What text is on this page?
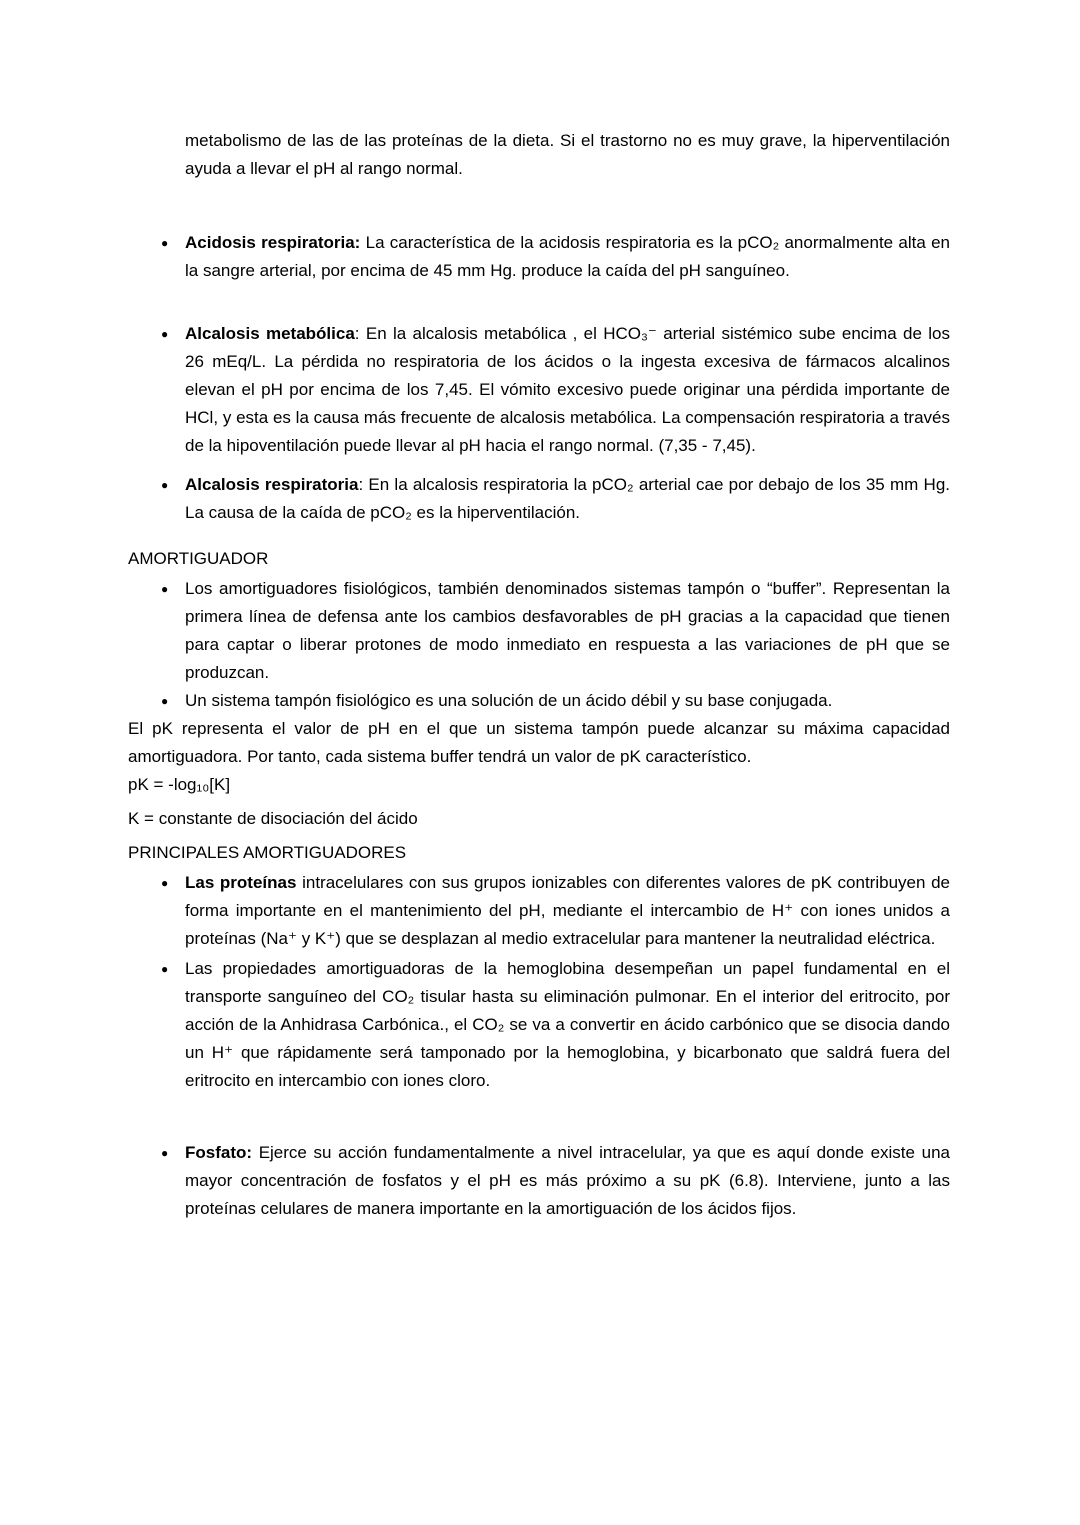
metabolismo de las de las proteínas de la dieta. Si el trastorno no es muy grave, la hiperventilación ayuda a llevar el pH al rango normal.

●

Acidosis respiratoria: La característica de la acidosis respiratoria es la pCO₂ anormalmente alta en la sangre arterial, por encima de 45 mm Hg. produce la caída del pH sanguíneo.

●

Alcalosis metabólica: En la alcalosis metabólica , el HCO₃⁻ arterial sistémico sube encima de los 26 mEq/L. La pérdida no respiratoria de los ácidos o la ingesta excesiva de fármacos alcalinos elevan el pH por encima de los 7,45. El vómito excesivo puede originar una pérdida importante de HCl, y esta es la causa más frecuente de alcalosis metabólica. La compensación respiratoria a través de la hipoventilación puede llevar al pH hacia el rango normal. (7,35 - 7,45).

●

Alcalosis respiratoria: En la alcalosis respiratoria la pCO₂ arterial cae por debajo de los 35 mm Hg. La causa de la caída de pCO₂ es la hiperventilación.

AMORTIGUADOR

●

Los amortiguadores fisiológicos, también denominados sistemas tampón o “buffer”. Representan la primera línea de defensa ante los cambios desfavorables de pH gracias a la capacidad que tienen para captar o liberar protones de modo inmediato en respuesta a las variaciones de pH que se produzcan.

●

Un sistema tampón fisiológico es una solución de un ácido débil y su base conjugada.

El pK representa el valor de pH en el que un sistema tampón puede alcanzar su máxima capacidad amortiguadora. Por tanto, cada sistema buffer tendrá un valor de pK característico.

pK = -log₁₀[K]

K = constante de disociación del ácido

PRINCIPALES AMORTIGUADORES

●

Las proteínas intracelulares con sus grupos ionizables con diferentes valores de pK contribuyen de forma importante en el mantenimiento del pH, mediante el intercambio de H⁺ con iones unidos a proteínas (Na⁺ y K⁺) que se desplazan al medio extracelular para mantener la neutralidad eléctrica.

●

Las propiedades amortiguadoras de la hemoglobina desempeñan un papel fundamental en el transporte sanguíneo del CO₂ tisular hasta su eliminación pulmonar. En el interior del eritrocito, por acción de la Anhidrasa Carbónica., el CO₂ se va a convertir en ácido carbónico que se disocia dando un H⁺ que rápidamente será tamponado por la hemoglobina, y bicarbonato que saldrá fuera del eritrocito en intercambio con iones cloro.

●

Fosfato: Ejerce su acción fundamentalmente a nivel intracelular, ya que es aquí donde existe una mayor concentración de fosfatos y el pH es más próximo a su pK (6.8). Interviene, junto a las proteínas celulares de manera importante en la amortiguación de los ácidos fijos.
